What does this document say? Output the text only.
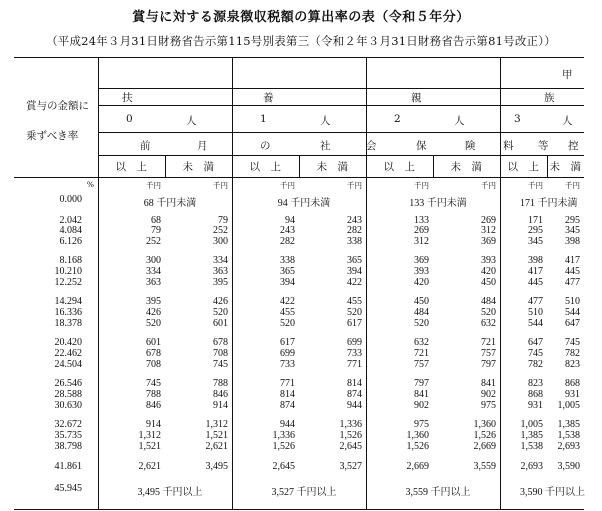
賞与に対する源泉徴収税額の算出率の表（令和５年分）
（平成24年３月31日財務省告示第115号別表第三（令和２年３月31日財務省告示第81号改正））
賞与の金額に
乗ずべき率
甲
扶	養	親	族
0	人	1	人	2	人	3	人
前	月	の	社	会	保	険	料 等 控
以　上	未　満	以　上	未　満	以　上	未　満 以　上 未　満
%	千円	千円	千円	千円	千円	千円	千円	千円
0.000	68 千円未満	94 千円未満	133 千円未満	171 千円未満
2.042	68	79	94	243	133	269	171	295
4.084	79	252	243	282	269	312	295	345
6.126	252	300	282	338	312	369	345	398
8.168	300	334	338	365	369	393	398	417
10.210	334	363	365	394	393	420	417	445
12.252	363	395	394	422	420	450	445	477
14.294	395	426	422	455	450	484	477	510
16.336	426	520	455	520	484	520	510	544
18.378	520	601	520	617	520	632	544	647
20.420	601	678	617	699	632	721	647	745
22.462	678	708	699	733	721	757	745	782
24.504	708	745	733	771	757	797	782	823
26.546	745	788	771	814	797	841	823	868
28.588	788	846	814	874	841	902	868	931
30.630	846	914	874	944	902	975	931	1,005
32.672	914	1,312	944	1,336	975	1,360	1,005	1,385
35.735	1,312	1,521	1,336	1,526	1,360	1,526	1,385	1,538
38.798	1,521	2,621	1,526	2,645	1,526	2,669	1,538	2,693
41.861	2,621	3,495	2,645	3,527	2,669	3,559	2,693	3,590
45.945	3,495 千円以上	3,527 千円以上	3,559 千円以上	3,590 千円以上
